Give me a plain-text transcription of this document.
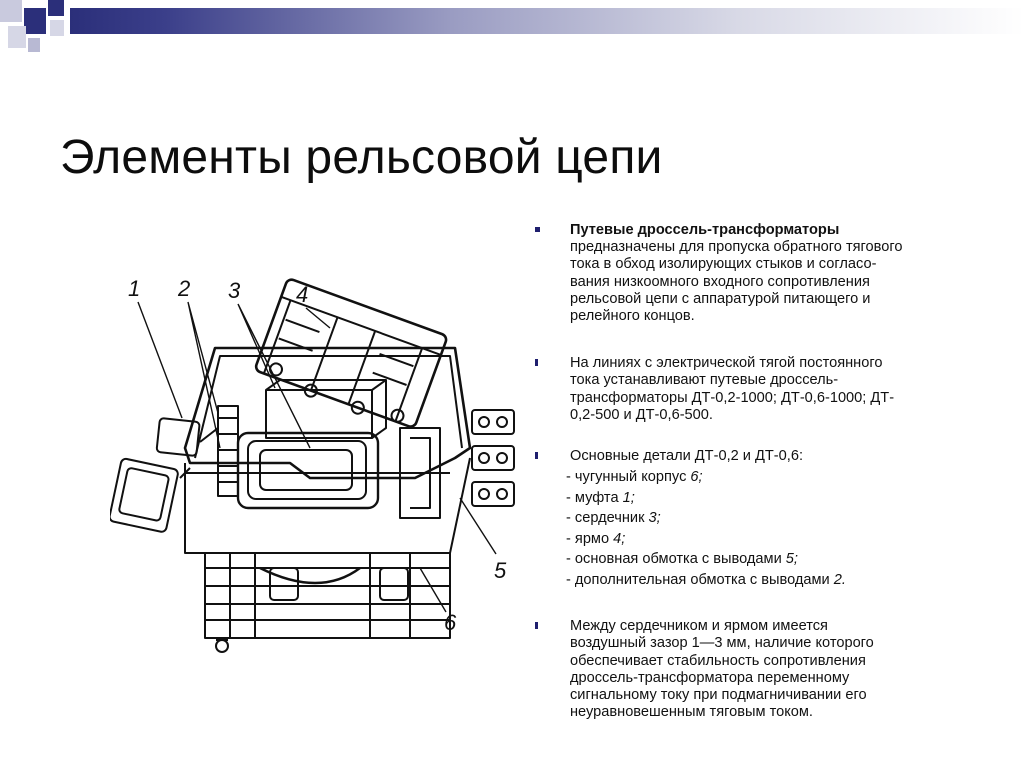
Элементы рельсовой цепи
1 2 3	4
5
6
Путевые дроссель-трансформаторы
предназначены для пропуска обратного тягового
тока в обход изолирующих стыков и согласо-
вания низкоомного входного сопротивления
рельсовой цепи с аппаратурой питающего и
релейного концов.
На линиях с электрической тягой постоянного
тока устанавливают путевые дроссель-
трансформаторы ДТ-0,2-1000; ДТ-0,6-1000; ДТ-
0,2-500 и ДТ-0,6-500.
Основные детали ДТ-0,2 и ДТ-0,6:
- чугунный корпус 6;
- муфта 1;
- сердечник 3;
- ярмо 4;
- основная обмотка с выводами 5;
- дополнительная обмотка с выводами 2.
Между сердечником и ярмом имеется
воздушный зазор 1—3 мм, наличие которого
обеспечивает стабильность сопротивления
дроссель-трансформатора переменному
сигнальному току при подмагничивании его
неуравновешенным тяговым током.
